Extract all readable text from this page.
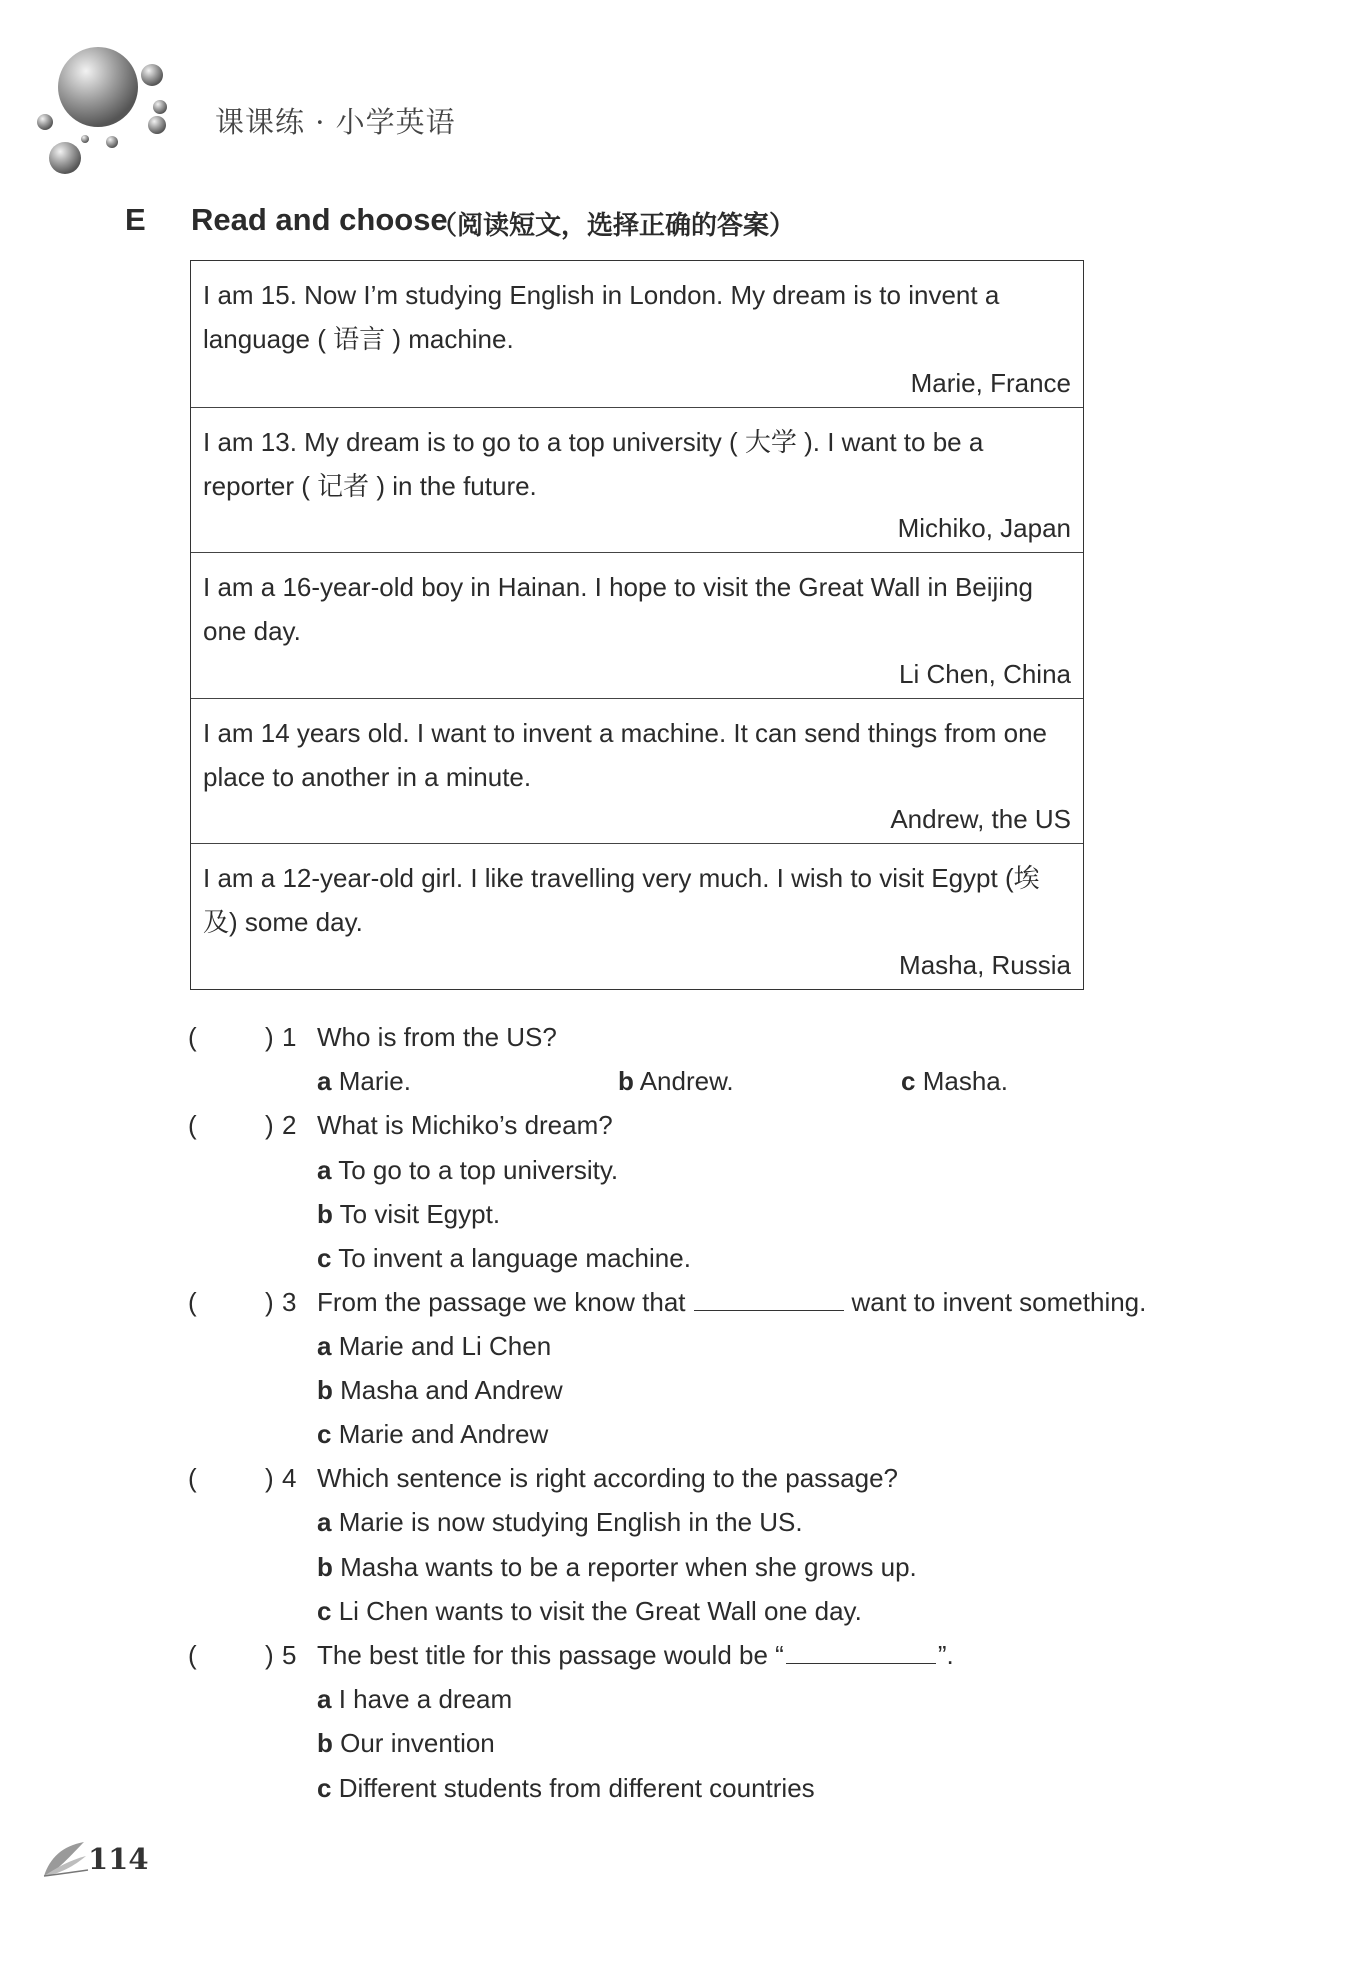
课课练 · 小学英语
E Read and choose
（阅读短文，选择正确的答案）
I am 15. Now I’m studying English in London. My dream is to invent a language ( 语言 ) machine.
Marie, France
I am 13. My dream is to go to a top university ( 大学 ). I want to be a reporter ( 记者 ) in the future.
Michiko, Japan
I am a 16-year-old boy in Hainan. I hope to visit the Great Wall in Beijing one day.
Li Chen, China
I am 14 years old. I want to invent a machine. It can send things from one place to another in a minute.
Andrew, the US
I am a 12-year-old girl. I like travelling very much. I wish to visit Egypt (埃及) some day.
Masha, Russia
(	) 1 Who is from the US?
a Marie.	b Andrew.	c Masha.
(	) 2 What is Michiko’s dream?
a To go to a top university.
b To visit Egypt.
c To invent a language machine.
(	) 3 From the passage we know that	want to invent something.
a Marie and Li Chen
b Masha and Andrew
c Marie and Andrew
(	) 4 Which sentence is right according to the passage?
a Marie is now studying English in the US.
b Masha wants to be a reporter when she grows up.
c Li Chen wants to visit the Great Wall one day.
(	) 5 The best title for this passage would be “	”.
a I have a dream
b Our invention
c Different students from different countries
114
